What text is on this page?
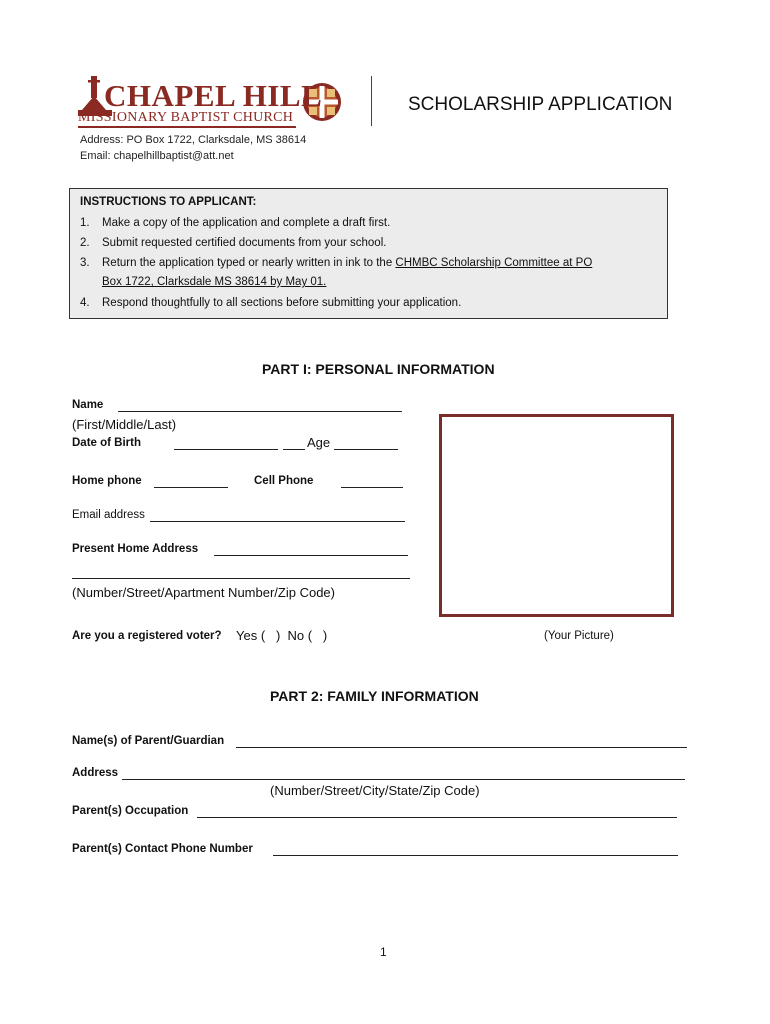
CHAPEL HILL
MISSIONARY BAPTIST CHURCH
SCHOLARSHIP APPLICATION
Address: PO Box 1722, Clarksdale, MS 38614
Email: chapelhillbaptist@att.net
INSTRUCTIONS TO APPLICANT:
1. Make a copy of the application and complete a draft first.
2. Submit requested certified documents from your school.
3. Return the application typed or nearly written in ink to the CHMBC Scholarship Committee at PO
Box 1722, Clarksdale MS 38614 by May 01.
4. Respond thoughtfully to all sections before submitting your application.
PART I: PERSONAL INFORMATION
Name
(First/Middle/Last)
Date of Birth	Age
Home phone	Cell Phone
Email address
Present Home Address
(Number/Street/Apartment Number/Zip Code)
(Your Picture)
Are you a registered voter? Yes (   )  No (   )
PART 2: FAMILY INFORMATION
Name(s) of Parent/Guardian
Address
(Number/Street/City/State/Zip Code)
Parent(s) Occupation
Parent(s) Contact Phone Number
1
